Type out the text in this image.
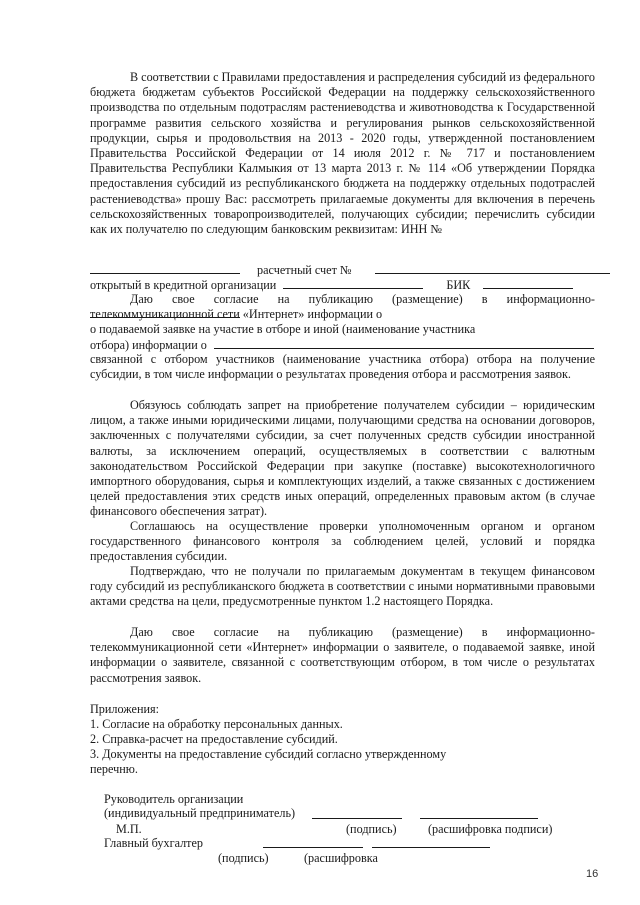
В соответствии с Правилами предоставления и распределения субсидий из федерального бюджета бюджетам субъектов Российской Федерации на поддержку сельскохозяйственного производства по отдельным подотраслям растениеводства и животноводства к Государственной программе развития сельского хозяйства и регулирования рынков сельскохозяйственной продукции, сырья и продовольствия на 2013 - 2020 годы, утвержденной постановлением Правительства Российской Федерации от 14 июля 2012 г. № 717 и постановлением Правительства Республики Калмыкия от 13 марта 2013 г. № 114 «Об утверждении Порядка предоставления субсидий из республиканского бюджета на поддержку отдельных подотраслей растениеводства» прошу Вас: рассмотреть прилагаемые документы для включения в перечень сельскохозяйственных товаропроизводителей, получающих субсидии; перечислить субсидии как их получателю по следующим банковским реквизитам: ИНН №

расчетный счет №

открытый в кредитной организации	БИК

Даю свое согласие на публикацию (размещение) в информационно-телекоммуникационной сети «Интернет» информации о

о подаваемой заявке на участие в отборе и иной (наименование участника

отбора) информации о

связанной с отбором участников (наименование участника отбора) отбора на получение субсидии, в том числе информации о результатах проведения отбора и рассмотрения заявок.

Обязуюсь соблюдать запрет на приобретение получателем субсидии – юридическим лицом, а также иными юридическими лицами, получающими средства на основании договоров, заключенных с получателями субсидии, за счет полученных средств субсидии иностранной валюты, за исключением операций, осуществляемых в соответствии с валютным законодательством Российской Федерации при закупке (поставке) высокотехнологичного импортного оборудования, сырья и комплектующих изделий, а также связанных с достижением целей предоставления этих средств иных операций, определенных правовым актом (в случае финансового обеспечения затрат).

Соглашаюсь на осуществление проверки уполномоченным органом и органом государственного финансового контроля за соблюдением целей, условий и порядка предоставления субсидии.

Подтверждаю, что не получали по прилагаемым документам в текущем финансовом году субсидий из республиканского бюджета в соответствии с иными нормативными правовыми актами средства на цели, предусмотренные пунктом 1.2 настоящего Порядка.

Даю свое согласие на публикацию (размещение) в информационно-телекоммуникационной сети «Интернет» информации о заявителе, о подаваемой заявке, иной информации о заявителе, связанной с соответствующим отбором, в том числе о результатах рассмотрения заявок.

Приложения:

1. Согласие на обработку персональных данных.

2. Справка-расчет на предоставление субсидий.

3. Документы на предоставление субсидий согласно утвержденному

перечню.

Руководитель организации
(индивидуальный предприниматель)
М.П.	(подпись)	(расшифровка подписи)
Главный бухгалтер
(подпись)	(расшифровка
16
